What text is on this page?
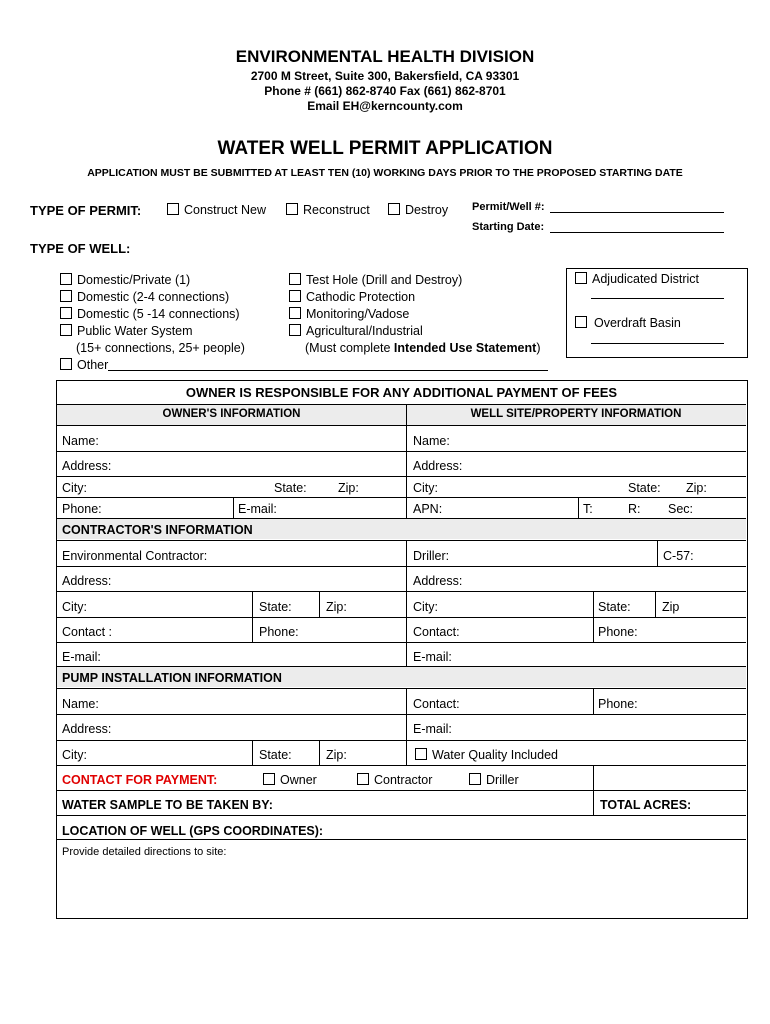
ENVIRONMENTAL HEALTH DIVISION
2700 M Street, Suite 300, Bakersfield, CA 93301
Phone # (661) 862-8740 Fax (661) 862-8701
Email EH@kerncounty.com
WATER WELL PERMIT APPLICATION
APPLICATION MUST BE SUBMITTED AT LEAST TEN (10) WORKING DAYS PRIOR TO THE PROPOSED STARTING DATE
TYPE OF PERMIT:	Construct New	Reconstruct	Destroy Permit/Well #:
Starting Date:
TYPE OF WELL:
Domestic/Private (1)
Domestic (2-4 connections)
Domestic (5 -14 connections)
Public Water System
(15+ connections, 25+ people)
Other
Test Hole (Drill and Destroy)
Cathodic Protection
Monitoring/Vadose
Agricultural/Industrial
(Must complete Intended Use Statement)
Adjudicated District
Overdraft Basin
OWNER IS RESPONSIBLE FOR ANY ADDITIONAL PAYMENT OF FEES
OWNER'S INFORMATION	WELL SITE/PROPERTY INFORMATION
Name:	Name:
Address:	Address:
City:	State:	Zip:	City:	State: Zip:
Phone:	E-mail:	APN:	T:	R: Sec:
CONTRACTOR'S INFORMATION
Environmental Contractor:	Driller:	C-57:
Address:	Address:
City:	State:	Zip:	City:	State:	Zip
Contact :	Phone:	Contact:	Phone:
E-mail:	E-mail:
PUMP INSTALLATION INFORMATION
Name:	Contact:	Phone:
Address:	E-mail:
City:	State:	Zip:	Water Quality Included
CONTACT FOR PAYMENT:	Owner	Contractor	Driller
WATER SAMPLE TO BE TAKEN BY:	TOTAL ACRES:
LOCATION OF WELL (GPS COORDINATES):
Provide detailed directions to site:
